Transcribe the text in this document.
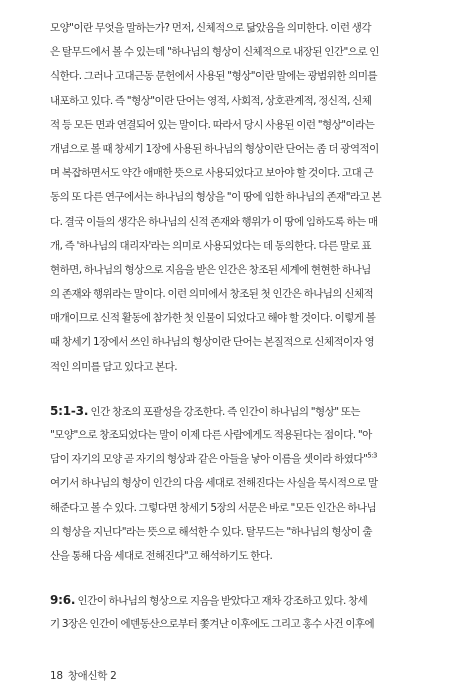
모양"이란 무엇을 말하는가? 먼저, 신체적으로 닮았음을 의미한다. 이런 생각
은 탈무드에서 볼 수 있는데 "하나님의 형상이 신체적으로 내장된 인간"으로 인
식한다. 그러나 고대근동 문헌에서 사용된 "형상"이란 말에는 광범위한 의미를
내포하고 있다. 즉 "형상"이란 단어는 영적, 사회적, 상호관계적, 정신적, 신체
적 등 모든 면과 연결되어 있는 말이다. 따라서 당시 사용된 이런 "형상"이라는
개념으로 볼 때 창세기 1장에 사용된 하나님의 형상이란 단어는 좀 더 광역적이
며 복잡하면서도 약간 애매한 뜻으로 사용되었다고 보아야 할 것이다. 고대 근
동의 또 다른 연구에서는 하나님의 형상을 "이 땅에 임한 하나님의 존재"라고 본
다. 결국 이들의 생각은 하나님의 신적 존재와 행위가 이 땅에 임하도록 하는 매
개, 즉 '하나님의 대리자'라는 의미로 사용되었다는 데 동의한다. 다른 말로 표
현하면, 하나님의 형상으로 지음을 받은 인간은 창조된 세계에 현현한 하나님
의 존재와 행위라는 말이다. 이런 의미에서 창조된 첫 인간은 하나님의 신체적
매개이므로 신적 활동에 참가한 첫 인물이 되었다고 해야 할 것이다. 이렇게 볼
때 창세기 1장에서 쓰인 하나님의 형상이란 단어는 본질적으로 신체적이자 영
적인 의미를 담고 있다고 본다.
5:1-3. 인간 창조의 포괄성을 강조한다. 즉 인간이 하나님의 "형상" 또는
"모양"으로 창조되었다는 말이 이제 다른 사람에게도 적용된다는 점이다. "아
담이 자기의 모양 곧 자기의 형상과 같은 아들을 낳아 이름을 셋이라 하였다"$^{5:3}$
여기서 하나님의 형상이 인간의 다음 세대로 전해진다는 사실을 묵시적으로 말
해준다고 볼 수 있다. 그렇다면 창세기 5장의 서문은 바로 "모든 인간은 하나님
의 형상을 지닌다"라는 뜻으로 해석한 수 있다. 탈무드는 "하나님의 형상이 출
산을 통해 다음 세대로 전해진다"고 해석하기도 한다.
9:6. 인간이 하나님의 형상으로 지음을 받았다고 재차 강조하고 있다. 창세
기 3장은 인간이 에덴동산으로부터 쫓겨난 이후에도 그리고 홍수 사건 이후에
18 창애신학 2
